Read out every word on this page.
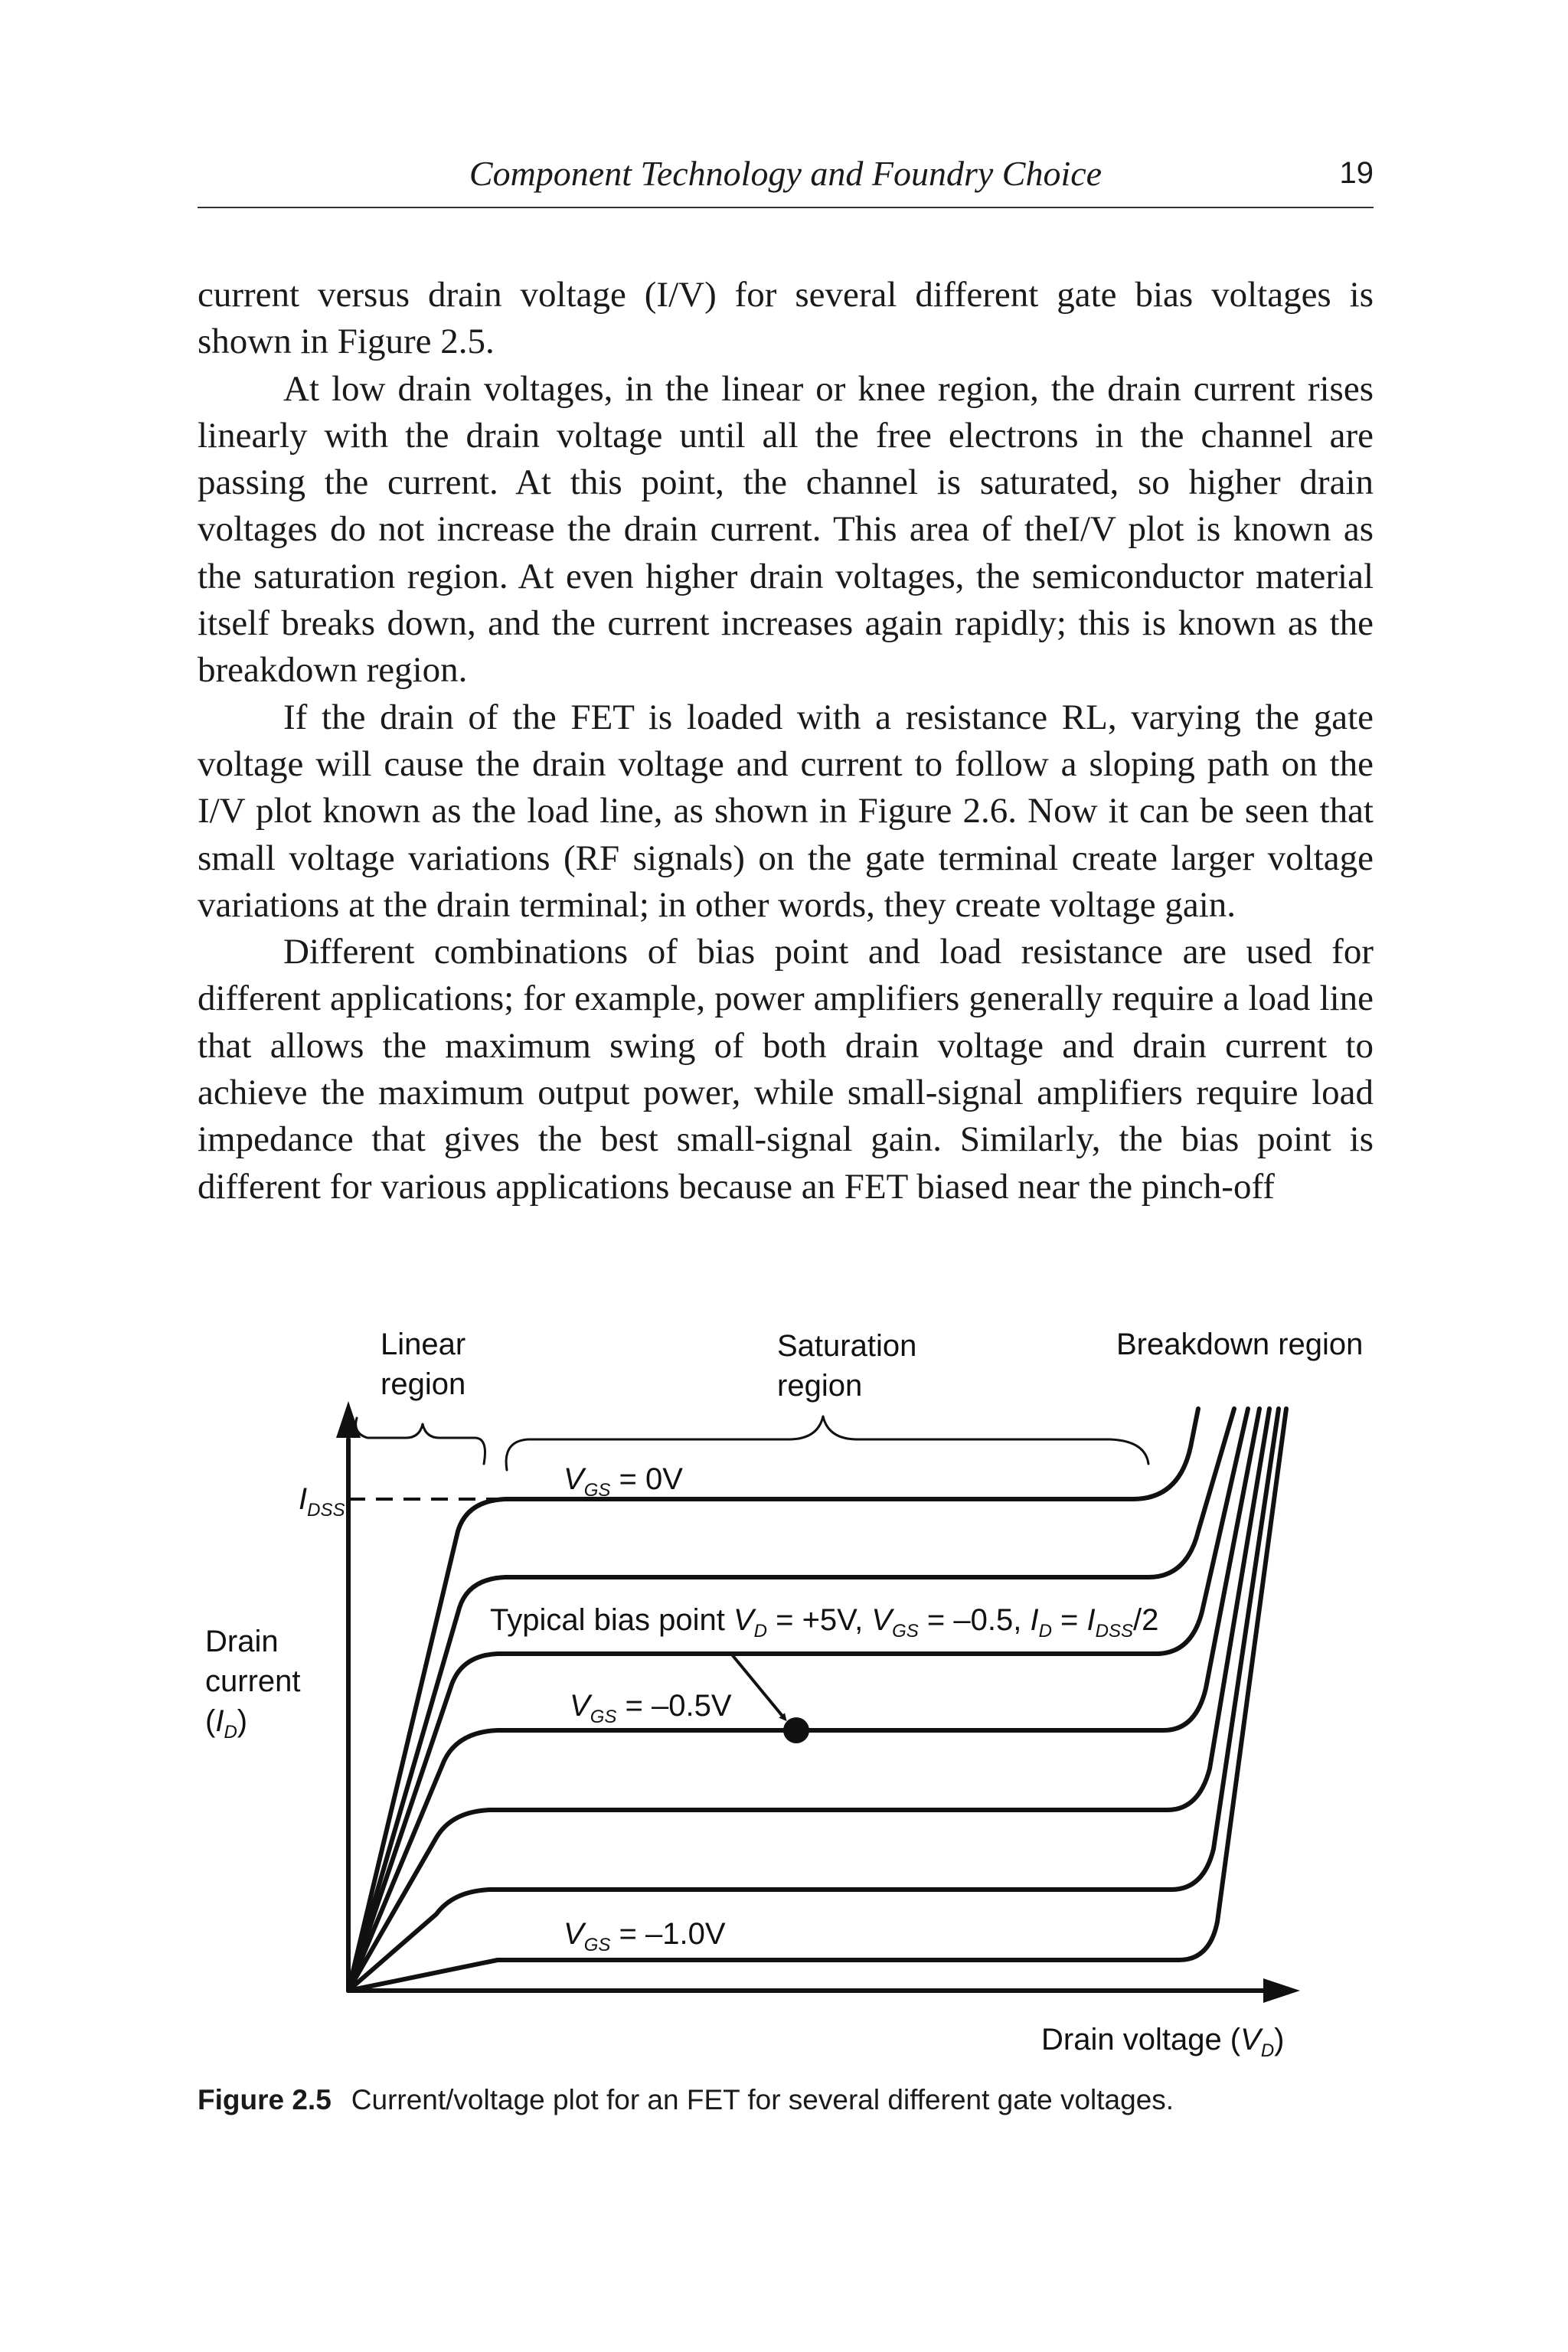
Component Technology and Foundry Choice	19

current versus drain voltage (I/V) for several different gate bias voltages is shown in Figure 2.5.

At low drain voltages, in the linear or knee region, the drain current rises linearly with the drain voltage until all the free electrons in the channel are passing the current. At this point, the channel is saturated, so higher drain voltages do not increase the drain current. This area of theI/V plot is known as the saturation region. At even higher drain voltages, the semiconductor material itself breaks down, and the current increases again rapidly; this is known as the breakdown region.

If the drain of the FET is loaded with a resistance RL, varying the gate voltage will cause the drain voltage and current to follow a sloping path on the I/V plot known as the load line, as shown in Figure 2.6. Now it can be seen that small voltage variations (RF signals) on the gate terminal create larger voltage variations at the drain terminal; in other words, they create voltage gain.

Different combinations of bias point and load resistance are used for different applications; for example, power amplifiers generally require a load line that allows the maximum swing of both drain voltage and drain current to achieve the maximum output power, while small-signal amplifiers require load impedance that gives the best small-signal gain. Similarly, the bias point is different for various applications because an FET biased near the pinch-off

Linear
region
Saturation
region
Breakdown region
$I_{DSS}$
Drain
current
$(I_D)$
$V_{GS} = 0V$
Typical bias point $V_D = +5V$, $V_{GS} = -0.5$, $I_D = I_{DSS}/2$
$V_{GS} = -0.5V$
$V_{GS} = -1.0V$
Drain voltage $(V_D)$
Figure 2.5 Current/voltage plot for an FET for several different gate voltages.
